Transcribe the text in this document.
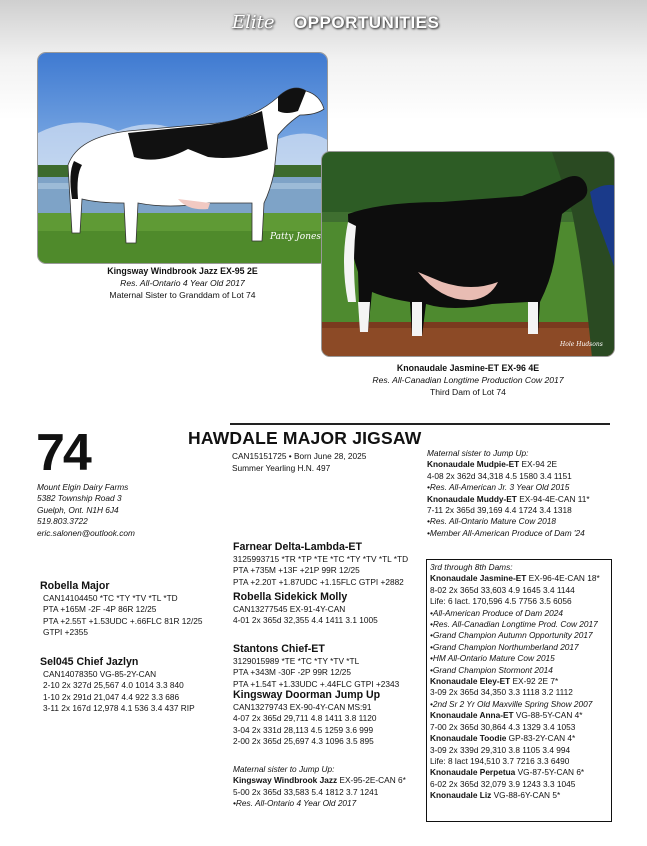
Elite OPPORTUNITIES
Patty Jones
Kingsway Windbrook Jazz EX-95 2E
Res. All-Ontario 4 Year Old 2017
Maternal Sister to Granddam of Lot 74
Hole Hudsons
Knonaudale Jasmine-ET EX-96 4E
Res. All-Canadian Longtime Production Cow 2017
Third Dam of Lot 74
74	HAWDALE MAJOR JIGSAW
CAN15151725 • Born June 28, 2025
Summer Yearling H.N. 497
Mount Elgin Dairy Farms
5382 Township Road 3
Guelph, Ont. N1H 6J4
519.803.3722
eric.salonen@outlook.com
Robella Major
CAN14104450 *TC *TY *TV *TL *TD
PTA +165M -2F -4P 86R 12/25
PTA +2.55T +1.53UDC +.66FLC 81R 12/25
GTPI +2355
Sel045 Chief Jazlyn
CAN14078350 VG-85-2Y-CAN
2-10 2x 327d 25,567 4.0 1014 3.3 840
1-10 2x 291d 21,047 4.4 922 3.3 686
3-11 2x 167d 12,978 4.1 536 3.4 437 RIP
Farnear Delta-Lambda-ET
3125993715 *TR *TP *TE *TC *TY *TV *TL *TD
PTA +735M +13F +21P 99R 12/25
PTA +2.20T +1.87UDC +1.15FLC GTPI +2882
Robella Sidekick Molly
CAN13277545 EX-91-4Y-CAN
4-01 2x 365d 32,355 4.4 1411 3.1 1005
Stantons Chief-ET
3129015989 *TE *TC *TY *TV *TL
PTA +343M -30F -2P 99R 12/25
PTA +1.54T +1.33UDC +.44FLC GTPI +2343
Kingsway Doorman Jump Up
CAN13279743 EX-90-4Y-CAN MS:91
4-07 2x 365d 29,711 4.8 1411 3.8 1120
3-04 2x 331d 28,113 4.5 1259 3.6 999
2-00 2x 365d 25,697 4.3 1096 3.5 895
Maternal sister to Jump Up:
Kingsway Windbrook Jazz EX-95-2E-CAN 6*
5-00 2x 365d 33,583 5.4 1812 3.7 1241
•Res. All-Ontario 4 Year Old 2017
Maternal sister to Jump Up:
Knonaudale Mudpie-ET EX-94 2E
4-08 2x 362d 34,318 4.5 1580 3.4 1151
•Res. All-American Jr. 3 Year Old 2015
Knonaudale Muddy-ET EX-94-4E-CAN 11*
7-11 2x 365d 39,169 4.4 1724 3.4 1318
•Res. All-Ontario Mature Cow 2018
•Member All-American Produce of Dam '24
3rd through 8th Dams:
Knonaudale Jasmine-ET EX-96-4E-CAN 18*
8-02 2x 365d 33,603 4.9 1645 3.4 1144
Life: 6 lact. 170,596 4.5 7756 3.5 6056
•All-American Produce of Dam 2024
•Res. All-Canadian Longtime Prod. Cow 2017
•Grand Champion Autumn Opportunity 2017
•Grand Champion Northumberland 2017
•HM All-Ontario Mature Cow 2015
•Grand Champion Stormont 2014
Knonaudale Eley-ET EX-92 2E 7*
3-09 2x 365d 34,350 3.3 1118 3.2 1112
•2nd Sr 2 Yr Old Maxville Spring Show 2007
Knonaudale Anna-ET VG-88-5Y-CAN 4*
7-00 2x 365d 30,864 4.3 1329 3.4 1053
Knonaudale Toodie GP-83-2Y-CAN 4*
3-09 2x 339d 29,310 3.8 1105 3.4 994
Life: 8 lact 194,510 3.7 7216 3.3 6490
Knonaudale Perpetua VG-87-5Y-CAN 6*
6-02 2x 365d 32,079 3.9 1243 3.3 1045
Knonaudale Liz VG-88-6Y-CAN 5*
